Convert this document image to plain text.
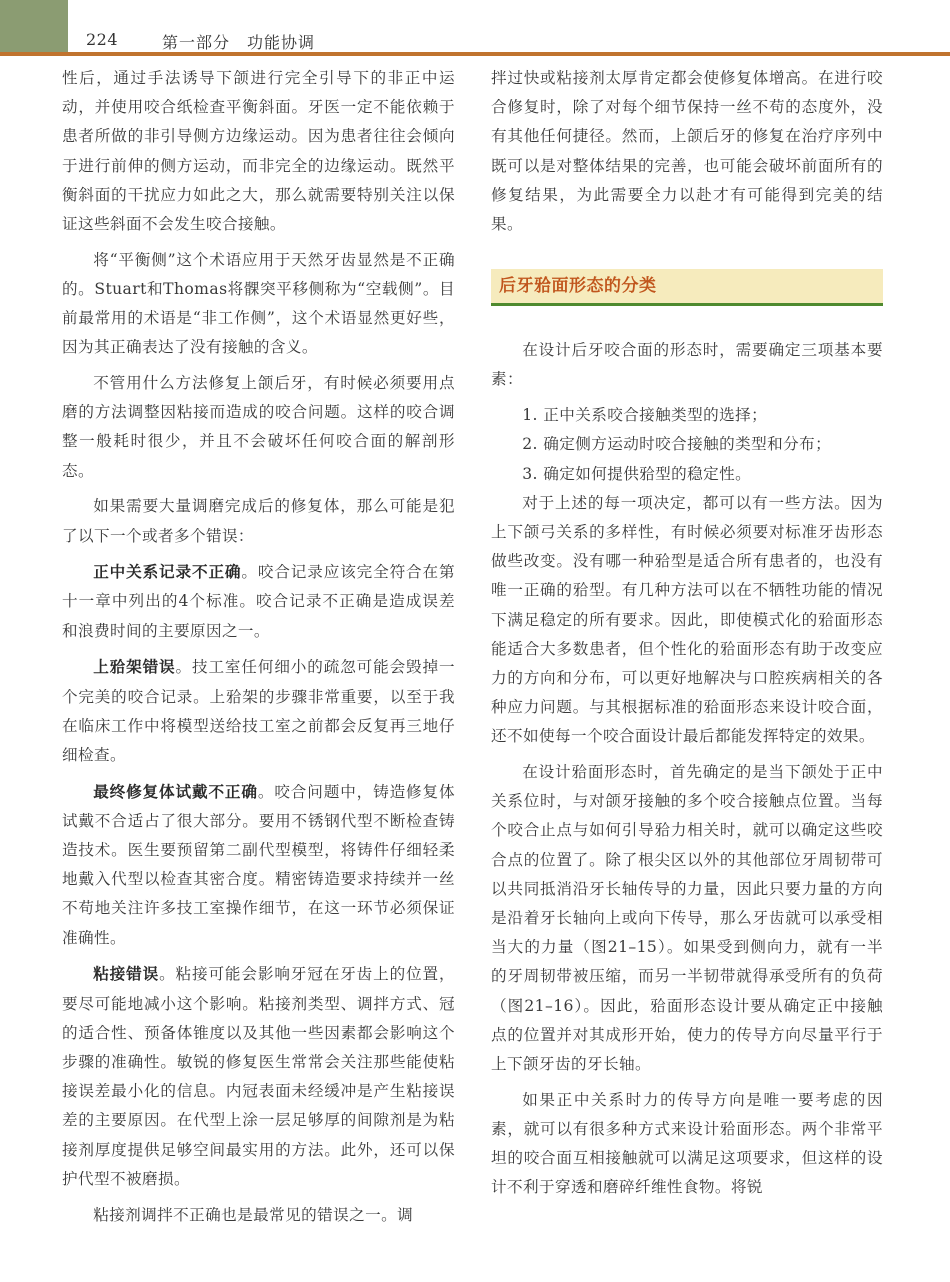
224	第一部分　功能协调

性后，通过手法诱导下颌进行完全引导下的非正中运动，并使用咬合纸检查平衡斜面。牙医一定不能依赖于患者所做的非引导侧方边缘运动。因为患者往往会倾向于进行前伸的侧方运动，而非完全的边缘运动。既然平衡斜面的干扰应力如此之大，那么就需要特别关注以保证这些斜面不会发生咬合接触。

将“平衡侧”这个术语应用于天然牙齿显然是不正确的。Stuart和Thomas将髁突平移侧称为“空载侧”。目前最常用的术语是“非工作侧”，这个术语显然更好些，因为其正确表达了没有接触的含义。

不管用什么方法修复上颌后牙，有时候必须要用点磨的方法调整因粘接而造成的咬合问题。这样的咬合调整一般耗时很少，并且不会破坏任何咬合面的解剖形态。

如果需要大量调磨完成后的修复体，那么可能是犯了以下一个或者多个错误：

正中关系记录不正确。咬合记录应该完全符合在第十一章中列出的4个标准。咬合记录不正确是造成误差和浪费时间的主要原因之一。

上𬌗架错误。技工室任何细小的疏忽可能会毁掉一个完美的咬合记录。上𬌗架的步骤非常重要，以至于我在临床工作中将模型送给技工室之前都会反复再三地仔细检查。

最终修复体试戴不正确。咬合问题中，铸造修复体试戴不合适占了很大部分。要用不锈钢代型不断检查铸造技术。医生要预留第二副代型模型，将铸件仔细轻柔地戴入代型以检查其密合度。精密铸造要求持续并一丝不苟地关注许多技工室操作细节，在这一环节必须保证准确性。

粘接错误。粘接可能会影响牙冠在牙齿上的位置，要尽可能地减小这个影响。粘接剂类型、调拌方式、冠的适合性、预备体锥度以及其他一些因素都会影响这个步骤的准确性。敏锐的修复医生常常会关注那些能使粘接误差最小化的信息。内冠表面未经缓冲是产生粘接误差的主要原因。在代型上涂一层足够厚的间隙剂是为粘接剂厚度提供足够空间最实用的方法。此外，还可以保护代型不被磨损。

粘接剂调拌不正确也是最常见的错误之一。调

拌过快或粘接剂太厚肯定都会使修复体增高。在进行咬合修复时，除了对每个细节保持一丝不苟的态度外，没有其他任何捷径。然而，上颌后牙的修复在治疗序列中既可以是对整体结果的完善，也可能会破坏前面所有的修复结果，为此需要全力以赴才有可能得到完美的结果。

后牙𬌗面形态的分类

在设计后牙咬合面的形态时，需要确定三项基本要素：

1. 正中关系咬合接触类型的选择；

2. 确定侧方运动时咬合接触的类型和分布；

3. 确定如何提供𬌗型的稳定性。

对于上述的每一项决定，都可以有一些方法。因为上下颌弓关系的多样性，有时候必须要对标准牙齿形态做些改变。没有哪一种𬌗型是适合所有患者的，也没有唯一正确的𬌗型。有几种方法可以在不牺牲功能的情况下满足稳定的所有要求。因此，即使模式化的𬌗面形态能适合大多数患者，但个性化的𬌗面形态有助于改变应力的方向和分布，可以更好地解决与口腔疾病相关的各种应力问题。与其根据标准的𬌗面形态来设计咬合面，还不如使每一个咬合面设计最后都能发挥特定的效果。

在设计𬌗面形态时，首先确定的是当下颌处于正中关系位时，与对颌牙接触的多个咬合接触点位置。当每个咬合止点与如何引导𬌗力相关时，就可以确定这些咬合点的位置了。除了根尖区以外的其他部位牙周韧带可以共同抵消沿牙长轴传导的力量，因此只要力量的方向是沿着牙长轴向上或向下传导，那么牙齿就可以承受相当大的力量（图21–15）。如果受到侧向力，就有一半的牙周韧带被压缩，而另一半韧带就得承受所有的负荷（图21–16）。因此，𬌗面形态设计要从确定正中接触点的位置并对其成形开始，使力的传导方向尽量平行于上下颌牙齿的牙长轴。

如果正中关系时力的传导方向是唯一要考虑的因素，就可以有很多种方式来设计𬌗面形态。两个非常平坦的咬合面互相接触就可以满足这项要求，但这样的设计不利于穿透和磨碎纤维性食物。将锐
